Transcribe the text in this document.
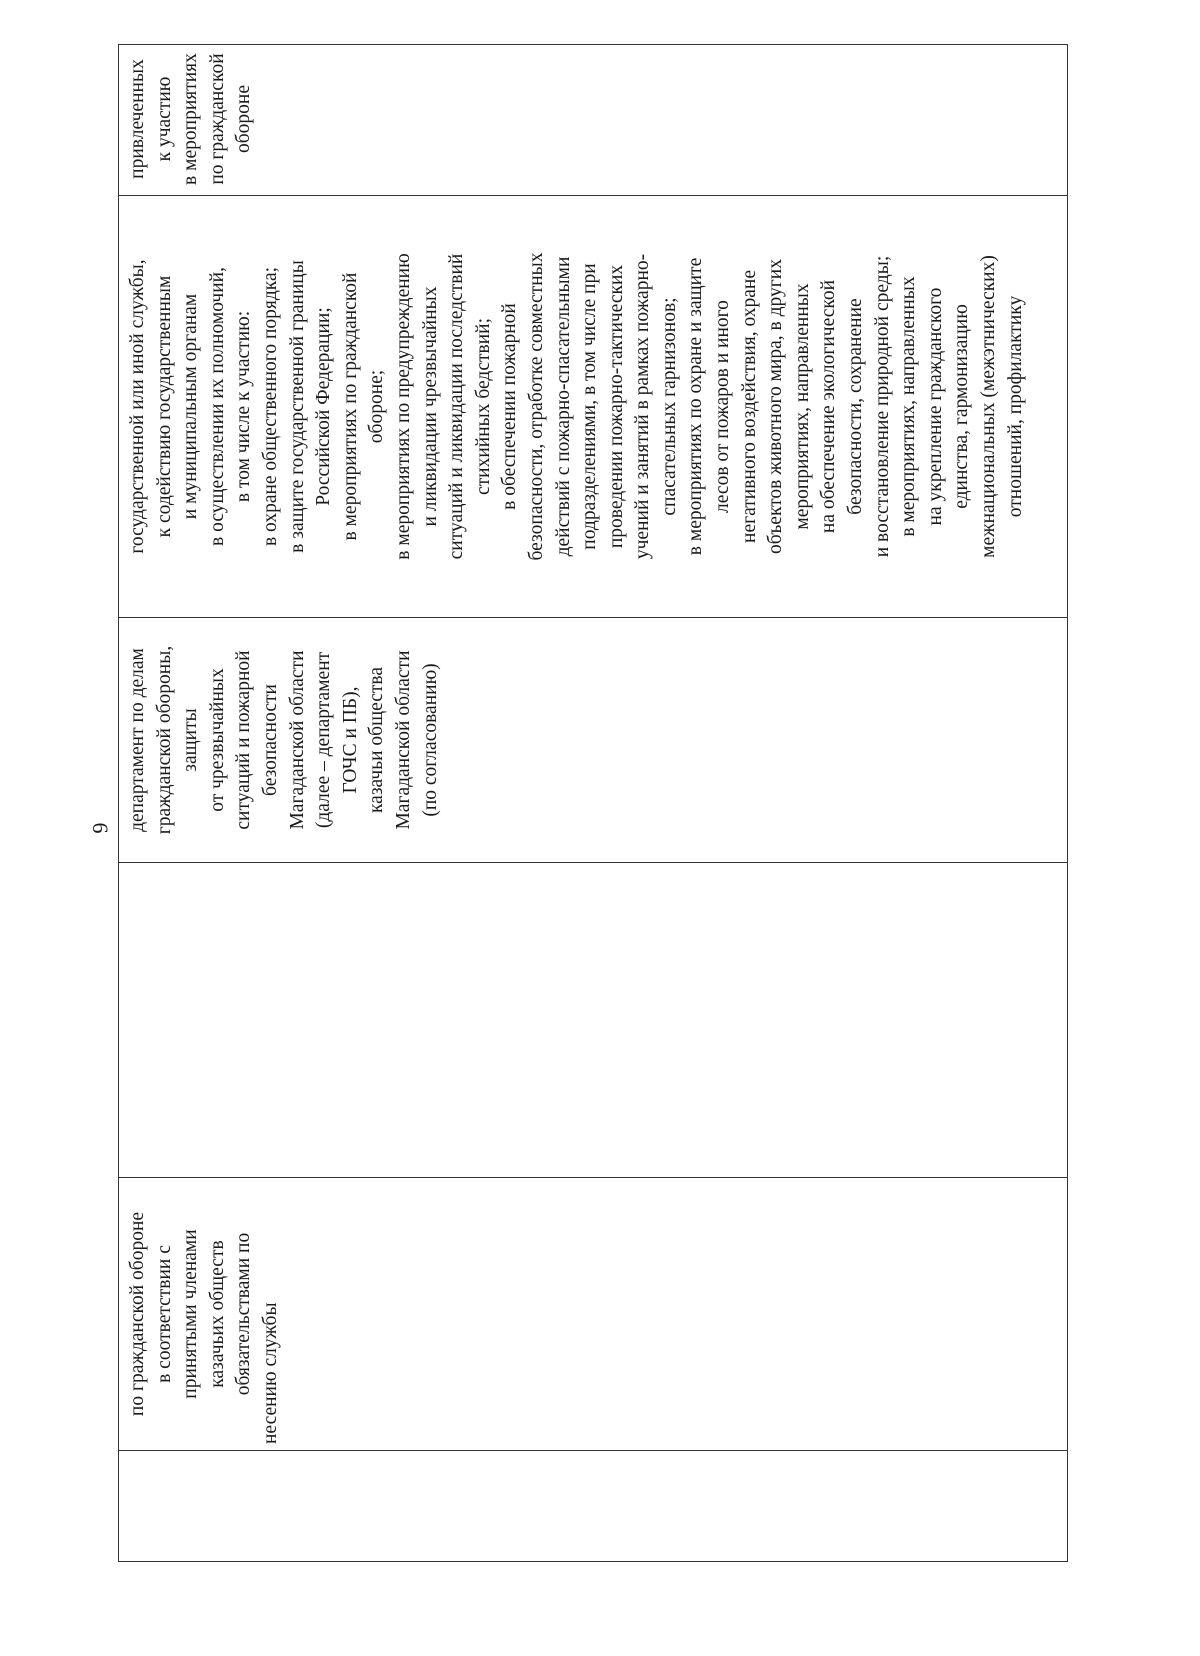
6
по гражданской обороне в соответствии с принятыми членами казачьих обществ обязательствами по несению службы
департамент по делам гражданской обороны, защиты от чрезвычайных ситуаций и пожарной безопасности Магаданской области (далее – департамент ГОЧС и ПБ), казачьи общества Магаданской области (по согласованию)
государственной или иной службы, к содействию государственным и муниципальным органам в осуществлении их полномочий, в том числе к участию: в охране общественного порядка; в защите государственной границы Российской Федерации; в мероприятиях по гражданской обороне; в мероприятиях по предупреждению и ликвидации чрезвычайных ситуаций и ликвидации последствий стихийных бедствий; в обеспечении пожарной безопасности, отработке совместных действий с пожарно-спасательными подразделениями, в том числе при проведении пожарно-тактических учений и занятий в рамках пожарно- спасательных гарнизонов; в мероприятиях по охране и защите лесов от пожаров и иного негативного воздействия, охране объектов животного мира, в других мероприятиях, направленных на обеспечение экологической безопасности, сохранение и восстановление природной среды; в мероприятиях, направленных на укрепление гражданского единства, гармонизацию межнациональных (межэтнических) отношений, профилактику
привлеченных к участию в мероприятиях по гражданской обороне
